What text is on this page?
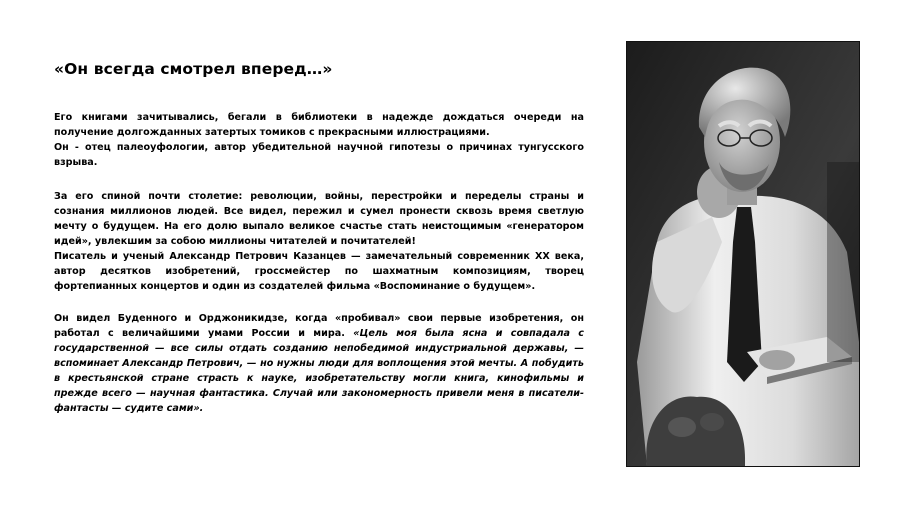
«Он всегда смотрел вперед…»

Его книгами зачитывались, бегали в библиотеки в надежде дождаться очереди на получение долгожданных затертых томиков с прекрасными иллюстрациями.

Он - отец палеоуфологии, автор убедительной научной гипотезы о причинах тунгусского взрыва.

За его спиной почти столетие: революции, войны, перестройки и переделы страны и сознания миллионов людей. Все видел, пережил и сумел пронести сквозь время светлую мечту о будущем. На его долю выпало великое счастье стать неистощимым «генератором идей», увлекшим за собою миллионы читателей и почитателей!

Писатель и ученый Александр Петрович Казанцев — замечательный современник XX века, автор десятков изобретений, гроссмейстер по шахматным композициям, творец фортепианных концертов и один из создателей фильма «Воспоминание о будущем».

Он видел Буденного и Орджоникидзе, когда «пробивал» свои первые изобретения, он работал с величайшими умами России и мира. «Цель моя была ясна и совпадала с государственной — все силы отдать созданию непобедимой индустриальной державы, — вспоминает Александр Петрович, — но нужны люди для воплощения этой мечты. А побудить в крестьянской стране страсть к науке, изобретательству могли книга, кинофильмы и прежде всего — научная фантастика. Случай или закономерность привели меня в писатели-фантасты — судите сами».
